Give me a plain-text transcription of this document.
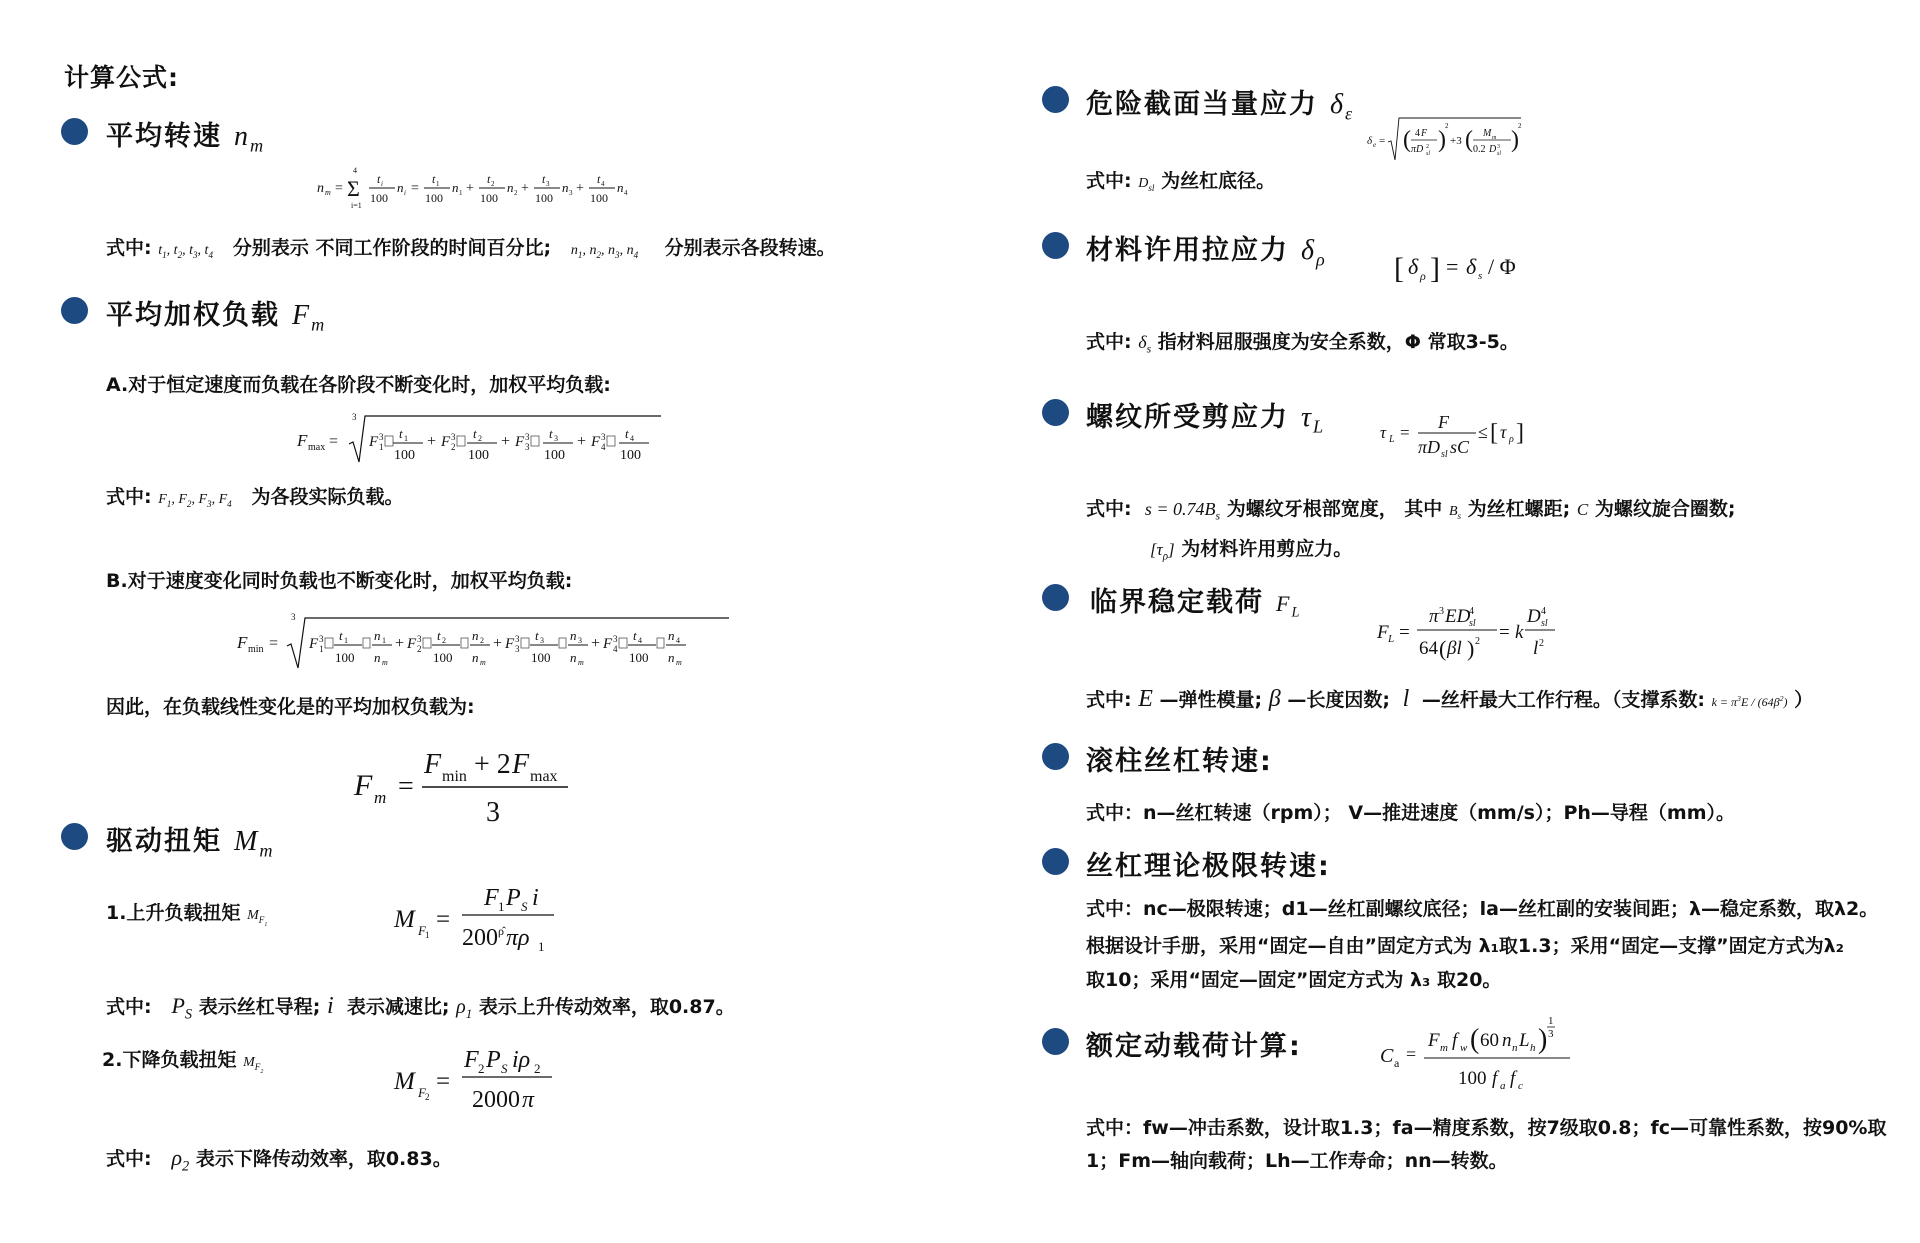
计算公式:
平均转速 $n_m$
n m =
4
Σ
i=1
t i
100
n i =
t 1
100
n 1 +
t 2
100
n 2 +
t 3
100
n 3 +
t 4
100
n 4
式中: $t_1$, $t_2$, $t_3$, $t_4$ 分别表示 不同工作阶段的时间百分比; $n_1$, $n_2$, $n_3$, $n_4$ 分别表示各段转速。
平均加权负载 $F_m$
A.对于恒定速度而负载在各阶段不断变化时，加权平均负载:
F max =
3
F 3
1
t 1
100
+ F 3
2
t 2
100
+ F 3
3
t 3
100
+ F 3
4
t 4
100
式中: $F_1$, $F_2$, $F_3$, $F_4$ 为各段实际负载。
B.对于速度变化同时负载也不断变化时，加权平均负载:
F min =
3
F 3
1
t 1
100
n 1
n m
+ F 3
2
t 2
100
n 2
n m
+ F 3
3
t 3
100
n 3
n m
+ F 3
4
t 4
100
n 4
n m
因此，在负载线性变化是的平均加权负载为:
F m =
F min + 2 F max
3
驱动扭矩 $M_m$
1.上升负载扭矩 $M_{F_1}$	M F 1
=
F 1 P S i
200 ρ̂ πρ 1
式中: $P_S$ 表示丝杠导程; i 表示减速比; $\rho_1$ 表示上升传动效率，取0.87。
2.下降负载扭矩 $M_{F_2}$	M F 2
=
F 2 P S iρ 2
2000 π
式中: $\rho_2$ 表示下降传动效率，取0.83。
危险截面当量应力 $\delta_\varepsilon$
δ e = ( 4 F
πD sl
2 )
2
+3 ( M m
0.2 D sl
3 )
2
式中: $D_{sl}$ 为丝杠底径。
材料许用拉应力 $\delta_\rho$ [ δ ρ ] = δ s / Φ
式中: $\delta_s$ 指材料屈服强度为安全系数，Φ 常取3-5。
螺纹所受剪应力 $\tau_L$	τ L =
F
πD sl sC
≤ [ τ ρ ]
式中: $s = 0.74B_s$ 为螺纹牙根部宽度， 其中 $B_s$ 为丝杠螺距; C 为螺纹旋合圈数;
$[\tau_\rho]$ 为材料许用剪应力。
临界稳定载荷 $F_L$
F L =
π 3 ED
sl
4
64 ( βl ) 2 = k
D sl
4
l 2
式中: E —弹性模量; β —长度因数;  l  —丝杆最大工作行程。（支撑系数: $k = \pi^3E / (64\beta^2)$ ）
滚柱丝杠转速:
式中：n—丝杠转速（rpm）； V—推进速度（mm/s）；Ph—导程（mm）。
丝杠理论极限转速:
式中：nc—极限转速；d1—丝杠副螺纹底径；la—丝杠副的安装间距；λ—稳定系数，取λ2。
根据设计手册，采用“固定—自由”固定方式为 λ₁取1.3；采用“固定—支撑”固定方式为λ₂
取10；采用“固定—固定”固定方式为 λ₃ 取20。
额定动载荷计算:	C a =
F m f w ( 60 n n L h )
1
3
100 f a f c
式中：fw—冲击系数，设计取1.3；fa—精度系数，按7级取0.8；fc—可靠性系数，按90%取
1；Fm—轴向载荷；Lh—工作寿命；nn—转数。
